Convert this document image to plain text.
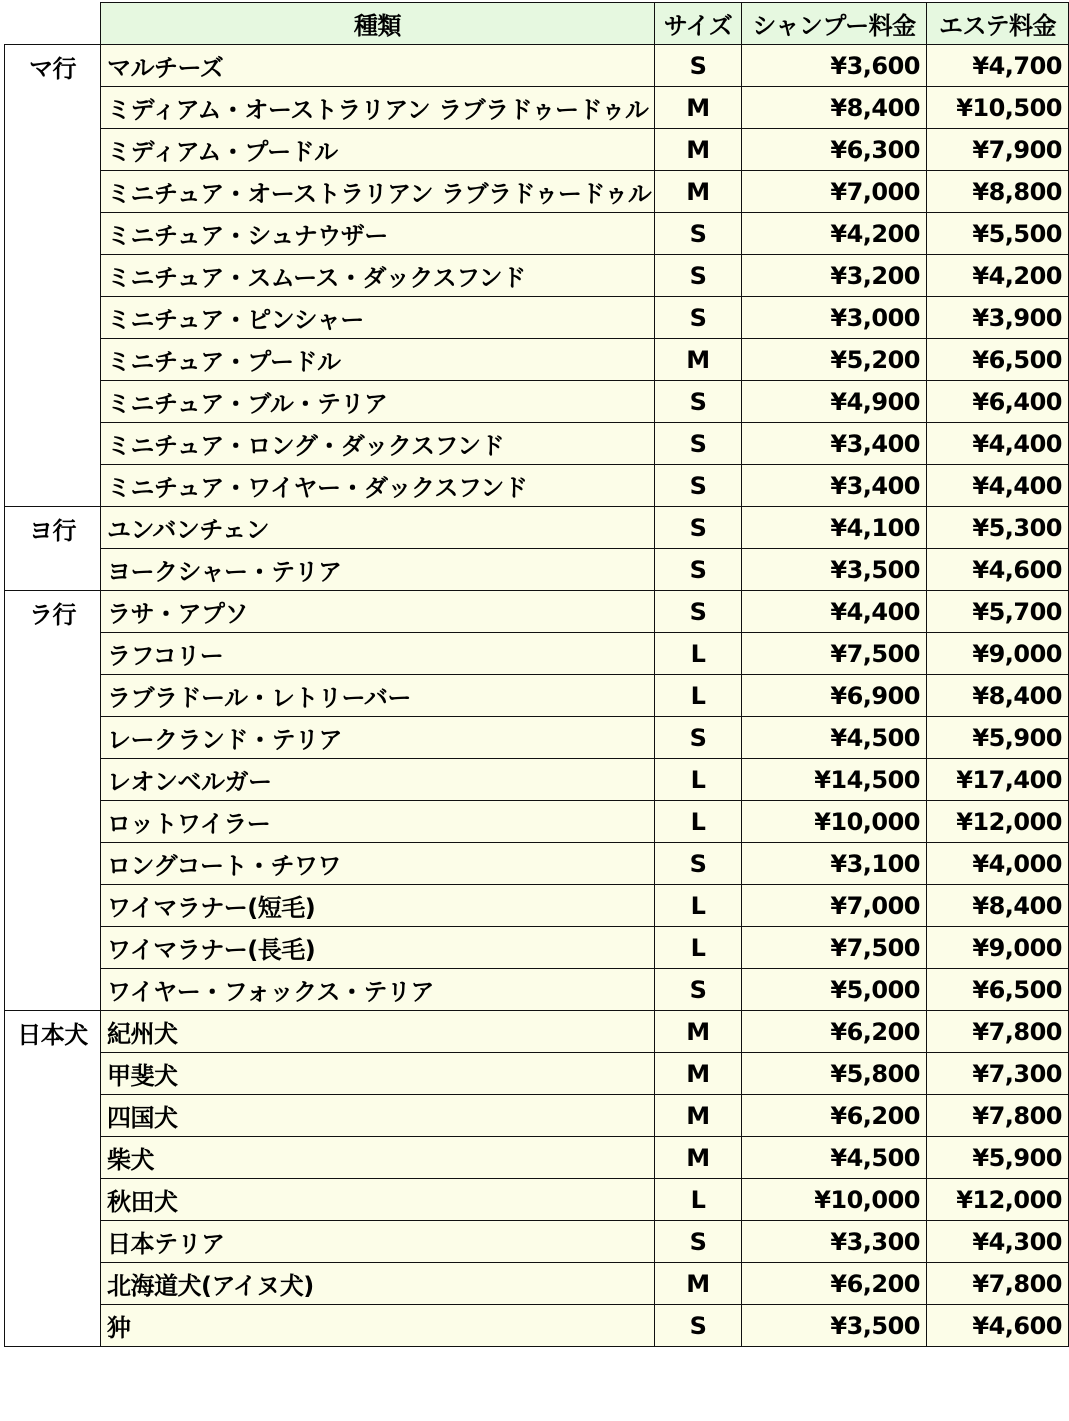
	種類	サイズ	シャンプー料金	エステ料金
マ行	マルチーズ	S	¥3,600	¥4,700
	ミディアム・オーストラリアン ラブラドゥードゥル	M	¥8,400	¥10,500
	ミディアム・プードル	M	¥6,300	¥7,900
	ミニチュア・オーストラリアン ラブラドゥードゥル	M	¥7,000	¥8,800
	ミニチュア・シュナウザー	S	¥4,200	¥5,500
	ミニチュア・スムース・ダックスフンド	S	¥3,200	¥4,200
	ミニチュア・ピンシャー	S	¥3,000	¥3,900
	ミニチュア・プードル	M	¥5,200	¥6,500
	ミニチュア・ブル・テリア	S	¥4,900	¥6,400
	ミニチュア・ロング・ダックスフンド	S	¥3,400	¥4,400
	ミニチュア・ワイヤー・ダックスフンド	S	¥3,400	¥4,400
ヨ行	ユンバンチェン	S	¥4,100	¥5,300
	ヨークシャー・テリア	S	¥3,500	¥4,600
ラ行	ラサ・アプソ	S	¥4,400	¥5,700
	ラフコリー	L	¥7,500	¥9,000
	ラブラドール・レトリーバー	L	¥6,900	¥8,400
	レークランド・テリア	S	¥4,500	¥5,900
	レオンベルガー	L	¥14,500	¥17,400
	ロットワイラー	L	¥10,000	¥12,000
	ロングコート・チワワ	S	¥3,100	¥4,000
	ワイマラナー(短毛)	L	¥7,000	¥8,400
	ワイマラナー(長毛)	L	¥7,500	¥9,000
	ワイヤー・フォックス・テリア	S	¥5,000	¥6,500
日本犬	紀州犬	M	¥6,200	¥7,800
	甲斐犬	M	¥5,800	¥7,300
	四国犬	M	¥6,200	¥7,800
	柴犬	M	¥4,500	¥5,900
	秋田犬	L	¥10,000	¥12,000
	日本テリア	S	¥3,300	¥4,300
	北海道犬(アイヌ犬)	M	¥6,200	¥7,800
	狆	S	¥3,500	¥4,600
